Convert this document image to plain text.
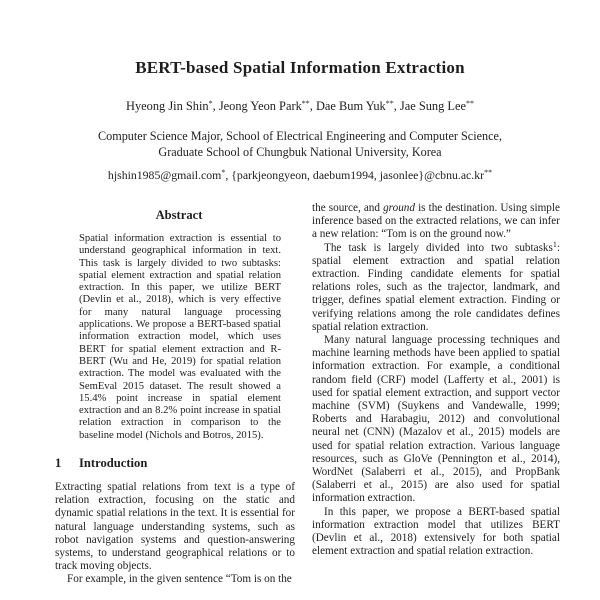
BERT-based Spatial Information Extraction
Hyeong Jin Shin*, Jeong Yeon Park**, Dae Bum Yuk**, Jae Sung Lee**
Computer Science Major, School of Electrical Engineering and Computer Science,
Graduate School of Chungbuk National University, Korea
hjshin1985@gmail.com*, {parkjeongyeon, daebum1994, jasonlee}@cbnu.ac.kr**
Abstract

Spatial information extraction is essential to understand geographical information in text. This task is largely divided to two subtasks: spatial element extraction and spatial relation extraction. In this paper, we utilize BERT (Devlin et al., 2018), which is very effective for many natural language processing applications. We propose a BERT-based spatial information extraction model, which uses BERT for spatial element extraction and R-BERT (Wu and He, 2019) for spatial relation extraction. The model was evaluated with the SemEval 2015 dataset. The result showed a 15.4% point increase in spatial element extraction and an 8.2% point increase in spatial relation extraction in comparison to the baseline model (Nichols and Botros, 2015).

1 Introduction

Extracting spatial relations from text is a type of relation extraction, focusing on the static and dynamic spatial relations in the text. It is essential for natural language understanding systems, such as robot navigation systems and question-answering systems, to understand geographical relations or to track moving objects.

For example, in the given sentence “Tom is on the

the source, and ground is the destination. Using simple inference based on the extracted relations, we can infer a new relation: “Tom is on the ground now.”

The task is largely divided into two subtasks$^1$: spatial element extraction and spatial relation extraction. Finding candidate elements for spatial relations roles, such as the trajector, landmark, and trigger, defines spatial element extraction. Finding or verifying relations among the role candidates defines spatial relation extraction.

Many natural language processing techniques and machine learning methods have been applied to spatial information extraction. For example, a conditional random field (CRF) model (Lafferty et al., 2001) is used for spatial element extraction, and support vector machine (SVM) (Suykens and Vandewalle, 1999; Roberts and Harabagiu, 2012) and convolutional neural net (CNN) (Mazalov et al., 2015) models are used for spatial relation extraction. Various language resources, such as GloVe (Pennington et al., 2014), WordNet (Salaberri et al., 2015), and PropBank (Salaberri et al., 2015) are also used for spatial information extraction.

In this paper, we propose a BERT-based spatial information extraction model that utilizes BERT (Devlin et al., 2018) extensively for both spatial element extraction and spatial relation extraction.
